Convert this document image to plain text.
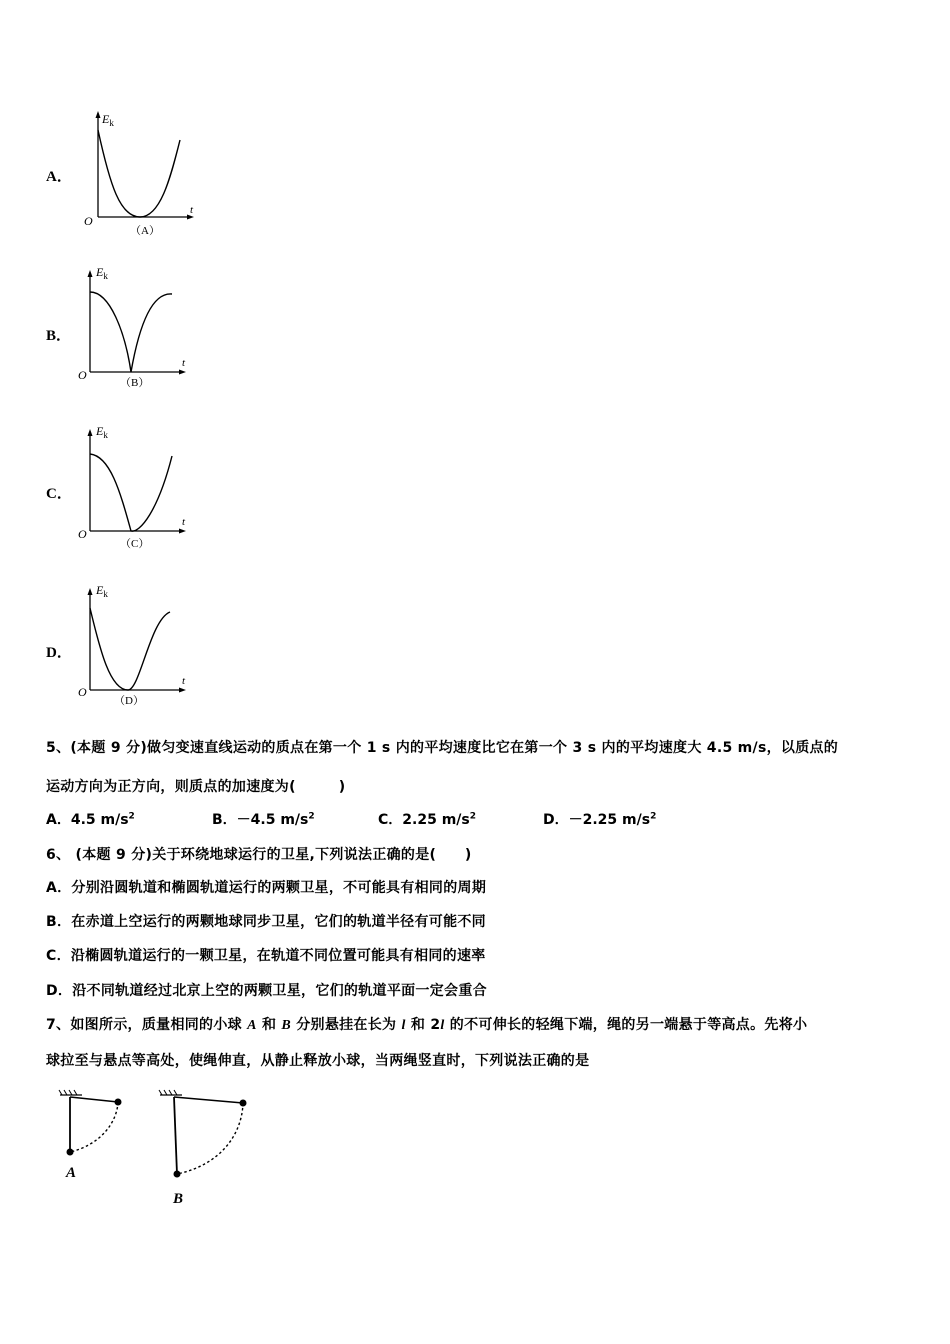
A．
$E_k$
t
O
（A）
B．
$E_k$
t
O
（B）
C．
$E_k$
t
O
（C）
D．
$E_k$
t
O
（D）
5、(本题 9 分)做匀变速直线运动的质点在第一个 1 s 内的平均速度比它在第一个 3 s 内的平均速度大 4.5 m/s，以质点的
运动方向为正方向，则质点的加速度为(　　　)
A．4.5 $m/s^2$	B．－4.5 $m/s^2$	C．2.25 $m/s^2$	D．－2.25 $m/s^2$
6、 (本题 9 分)关于环绕地球运行的卫星,下列说法正确的是(　　)
A．分别沿圆轨道和椭圆轨道运行的两颗卫星，不可能具有相同的周期
B．在赤道上空运行的两颗地球同步卫星，它们的轨道半径有可能不同
C．沿椭圆轨道运行的一颗卫星，在轨道不同位置可能具有相同的速率
D．沿不同轨道经过北京上空的两颗卫星，它们的轨道平面一定会重合
7、如图所示，质量相同的小球 A 和 B 分别悬挂在长为 l 和 2l 的不可伸长的轻绳下端，绳的另一端悬于等高点。先将小
球拉至与悬点等高处，使绳伸直，从静止释放小球，当两绳竖直时，下列说法正确的是
A
B
